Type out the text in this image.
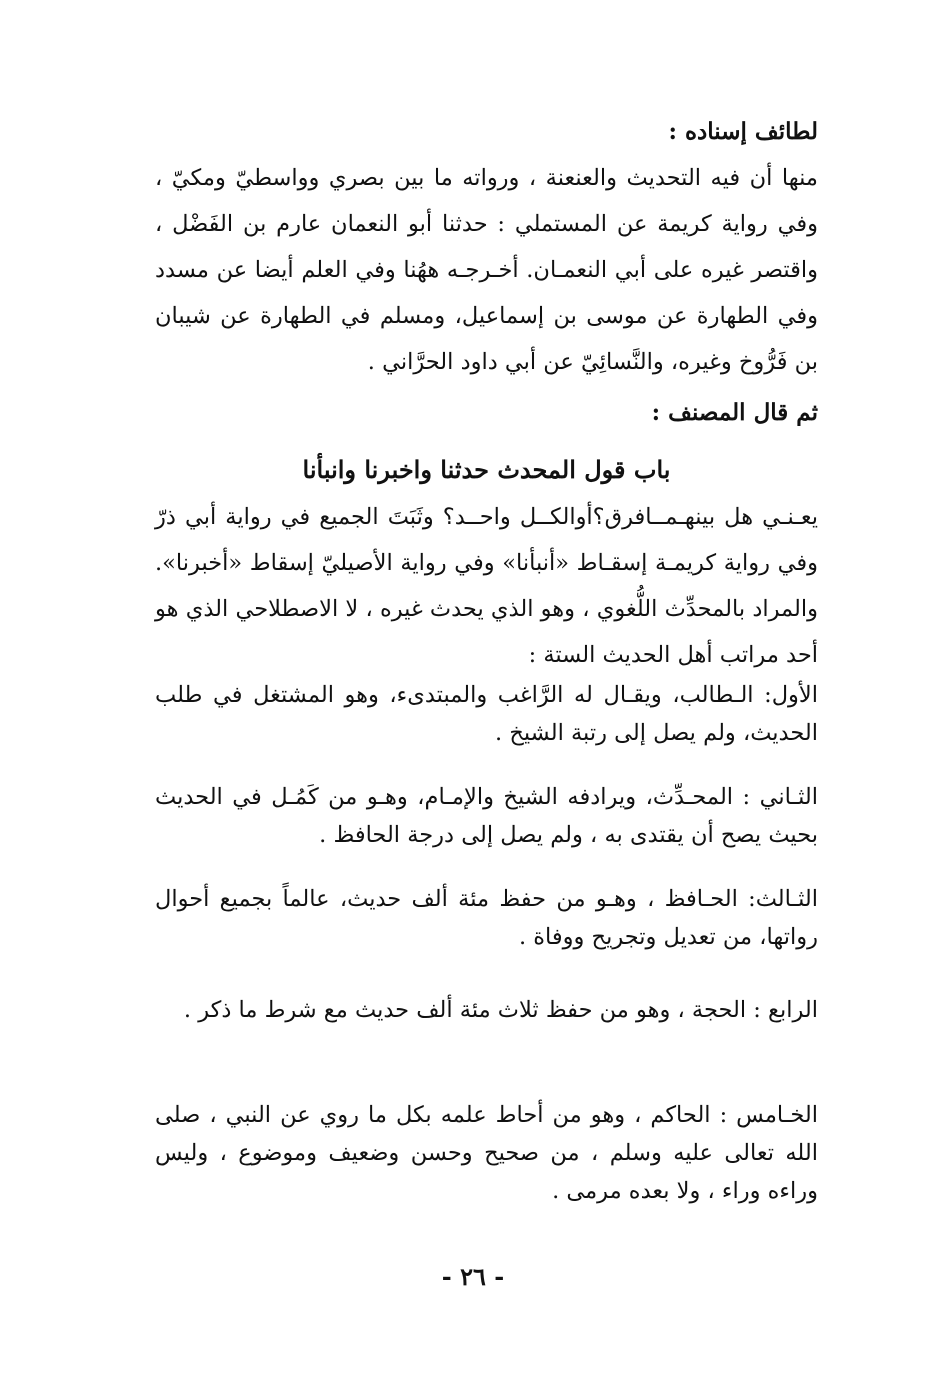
لطائف إسناده :

منها أن فيه التحديث والعنعنة ، ورواته ما بين بصري وواسطيّ ومكيّ ، وفي رواية كريمة عن المستملي : حدثنا أبو النعمان عارم بن الفَضْل ، واقتصر غيره على أبي النعمـان. أخـرجـه ههُنا وفي العلم أيضا عن مسدد وفي الطهارة عن موسى بن إسماعيل، ومسلم في الطهارة عن شيبان بن فَرُّوخ وغيره، والنَّسائِيّ عن أبي داود الحرَّاني .

ثم قال المصنف :

باب قول المحدث حدثنا واخبرنا وانبأنا

يعـنـي هل بينهـمــافرق؟أوالكــل واحــد؟ وثَبَتَ الجميع في رواية أبي ذرّ وفي رواية كريمـة إسقـاط «أنبأنا» وفي رواية الأصيليّ إسقاط «أخبرنا». والمراد بالمحدِّث اللُّغوي ، وهو الذي يحدث غيره ، لا الاصطلاحي الذي هو أحد مراتب أهل الحديث الستة :

الأول: الـطالب، ويقـال له الرَّاغب والمبتدىء، وهو المشتغل في طلب الحديث، ولم يصل إلى رتبة الشيخ .

الثـاني : المحـدِّث، ويرادفه الشيخ والإمـام، وهـو من كَمُـل في الحديث بحيث يصح أن يقتدى به ، ولم يصل إلى درجة الحافظ .

الثـالث: الحـافظ ، وهـو من حفظ مئة ألف حديث، عالماً بجميع أحوال رواتها، من تعديل وتجريح ووفاة .

الرابع : الحجة ، وهو من حفظ ثلاث مئة ألف حديث مع شرط ما ذكر .

الخـامس : الحاكم ، وهو من أحاط علمه بكل ما روي عن النبي ، صلى الله تعالى عليه وسلم ، من صحيح وحسن وضعيف وموضوع ، وليس وراءه وراء ، ولا بعده مرمى .

- ٢٦ -
